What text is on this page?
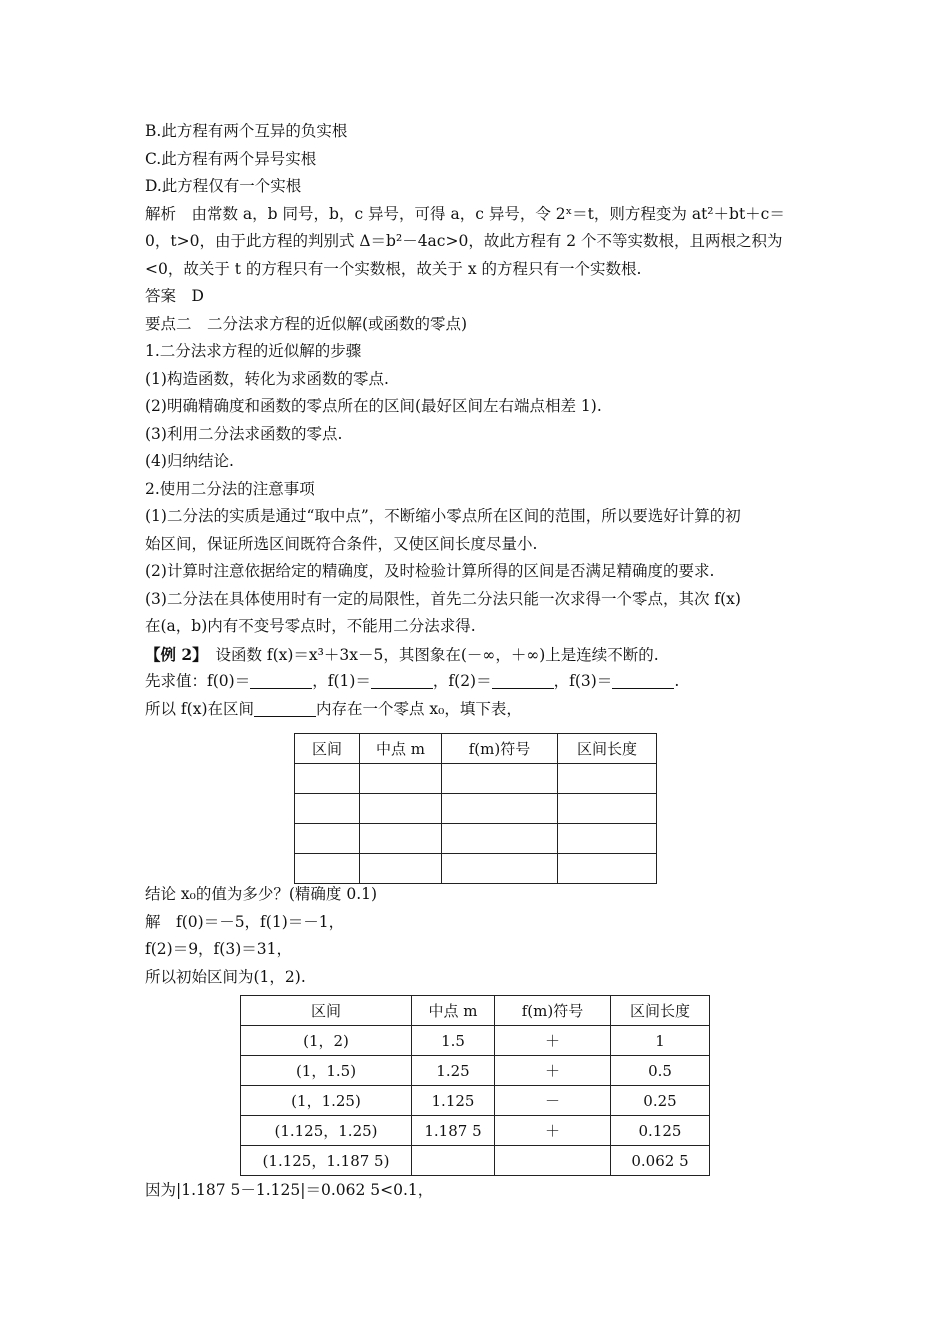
B.此方程有两个互异的负实根
C.此方程有两个异号实根
D.此方程仅有一个实根
解析　由常数 a，b 同号，b，c 异号，可得 a，c 异号，令 2ˣ＝t，则方程变为 at²＋bt＋c＝
0，t>0，由于此方程的判别式 Δ＝b²－4ac>0，故此方程有 2 个不等实数根，且两根之积为
<0，故关于 t 的方程只有一个实数根，故关于 x 的方程只有一个实数根.
答案　D
要点二　二分法求方程的近似解(或函数的零点)
1.二分法求方程的近似解的步骤
(1)构造函数，转化为求函数的零点.
(2)明确精确度和函数的零点所在的区间(最好区间左右端点相差 1).
(3)利用二分法求函数的零点.
(4)归纳结论.
2.使用二分法的注意事项
(1)二分法的实质是通过“取中点”，不断缩小零点所在区间的范围，所以要选好计算的初
始区间，保证所选区间既符合条件，又使区间长度尽量小.
(2)计算时注意依据给定的精确度，及时检验计算所得的区间是否满足精确度的要求.
(3)二分法在具体使用时有一定的局限性，首先二分法只能一次求得一个零点，其次 f(x)
在(a，b)内有不变号零点时，不能用二分法求得.
【例 2】　设函数 f(x)＝x³＋3x－5，其图象在(－∞，＋∞)上是连续不断的.
先求值：f(0)＝	，f(1)＝	，f(2)＝	，f(3)＝	.
所以 f(x)在区间	内存在一个零点 x₀，填下表，
区间	中点 m	f(m)符号	区间长度

结论 x₀的值为多少？(精确度 0.1)
解　f(0)＝－5，f(1)＝－1，
f(2)＝9，f(3)＝31，
所以初始区间为(1，2).
区间	中点 m	f(m)符号	区间长度
(1，2)	1.5	＋	1
(1，1.5)	1.25	＋	0.5
(1，1.25)	1.125	－	0.25
(1.125，1.25)	1.187 5	＋	0.125
(1.125，1.187 5)			0.062 5
因为|1.187 5－1.125|＝0.062 5<0.1，
